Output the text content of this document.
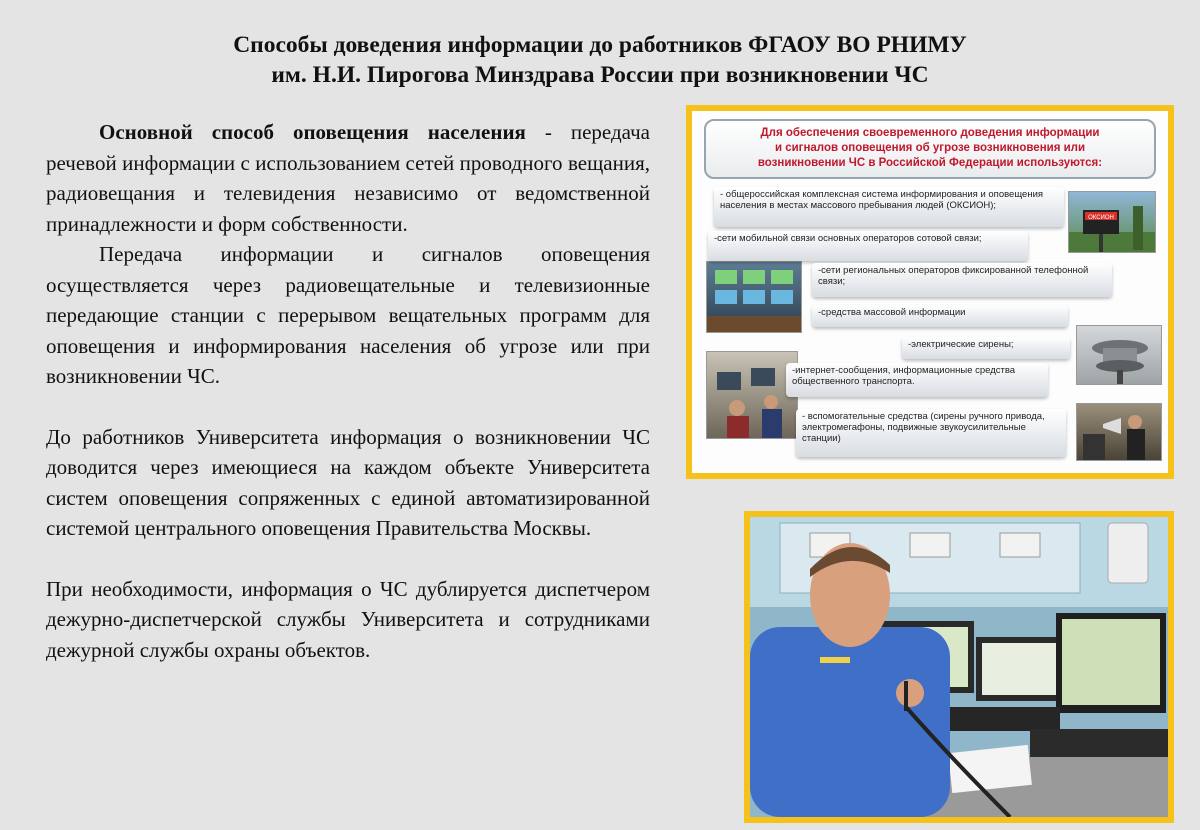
Способы доведения информации до работников ФГАОУ ВО РНИМУ
им. Н.И. Пирогова Минздрава России при возникновении ЧС

Основной способ оповещения населения - передача речевой информации с использованием сетей проводного вещания, радиовещания и телевидения независимо от ведомственной принадлежности и форм собственности.

Передача информации и сигналов оповещения осуществляется через радиовещательные и телевизионные передающие станции с перерывом вещательных программ для оповещения и информирования населения об угрозе или при возникновении ЧС.

До работников Университета информация о возникновении ЧС доводится через имеющиеся на каждом объекте Университета систем оповещения сопряженных с единой автоматизированной системой центрального оповещения Правительства Москвы.

При необходимости, информация о ЧС дублируется диспетчером дежурно-диспетчерской службы Университета и сотрудниками дежурной службы охраны объектов.

Для обеспечения своевременного доведения информации
и сигналов оповещения об угрозе возникновения или
возникновении ЧС в Российской Федерации используются:
ОКСИОН
- общероссийская комплексная система информирования и оповещения населения в местах массового пребывания людей (ОКСИОН);
-сети мобильной связи основных операторов сотовой связи;
-сети региональных операторов фиксированной телефонной связи;
-средства массовой информации
-электрические сирены;
-интернет-сообщения, информационные средства общественного транспорта.
- вспомогательные средства (сирены ручного привода, электромегафоны, подвижные звукоусилительные станции)
